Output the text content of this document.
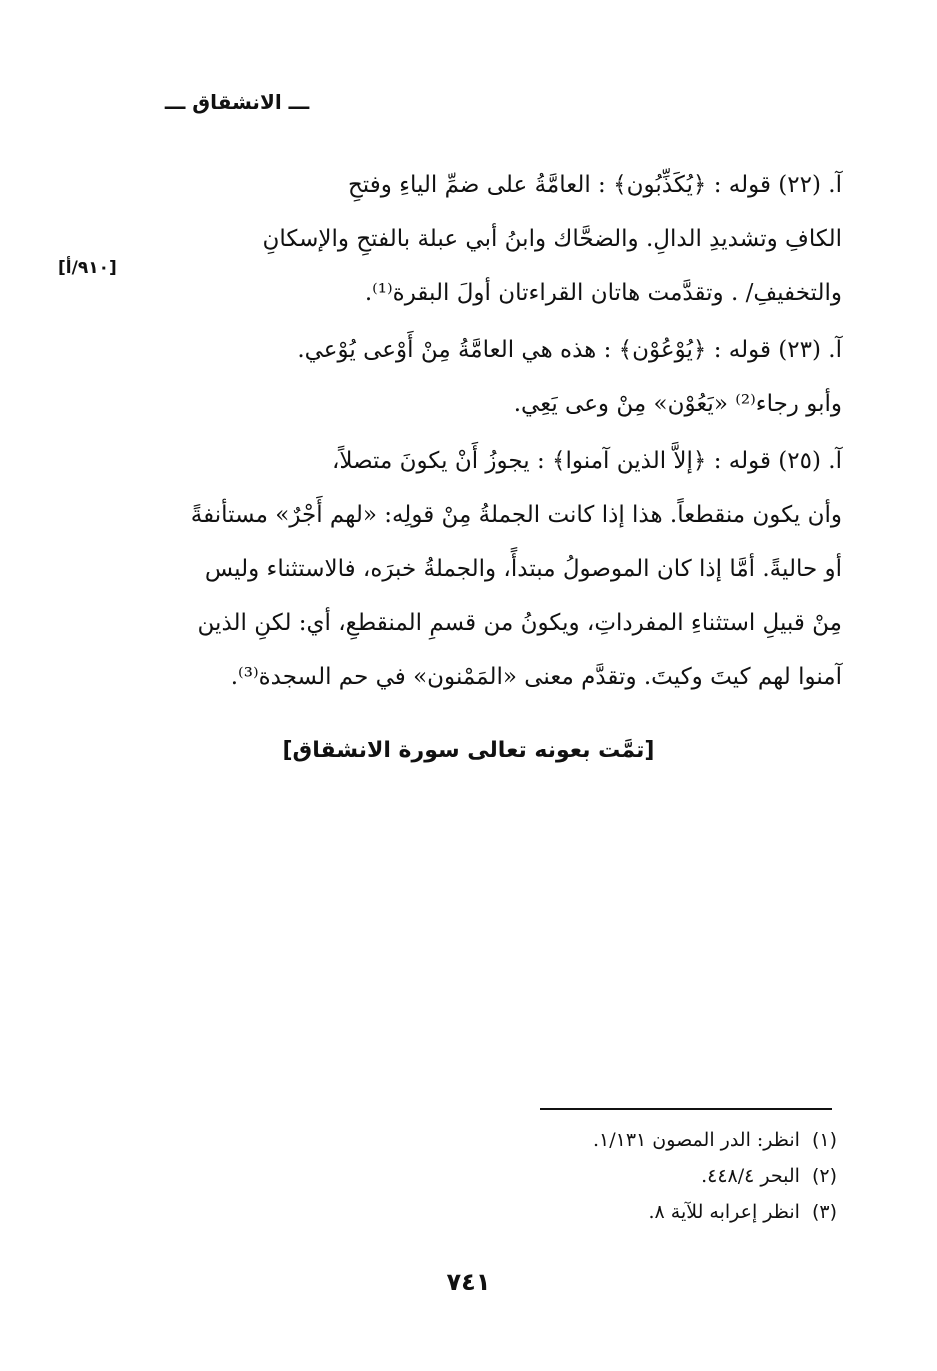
ـــ الانشقاق ـــ
[٩١٠/أ]
آ. (٢٢) قوله : ﴿يُكَذِّبُون﴾ : العامَّةُ على ضمِّ الياءِ وفتحِ
الكافِ وتشديدِ الدالِ. والضحَّاك وابنُ أبي عبلة بالفتحِ والإسكانِ
والتخفيفِ/ . وتقدَّمت هاتان القراءتان أولَ البقرة⁽¹⁾.
آ. (٢٣) قوله : ﴿يُوْعُوْن﴾ : هذه هي العامَّةُ مِنْ أَوْعى يُوْعي.
وأبو رجاء⁽²⁾ «يَعُوْن» مِنْ وعى يَعِي.
آ. (٢٥) قوله : ﴿إلاَّ الذين آمنوا﴾ : يجوزُ أَنْ يكونَ متصلاً،
وأن يكون منقطعاً. هذا إذا كانت الجملةُ مِنْ قولِه: «لهم أَجْرٌ» مستأنفةً
أو حاليةً. أمَّا إذا كان الموصولُ مبتدأً، والجملةُ خبرَه، فالاستثناء وليس
مِنْ قبيلِ استثناءِ المفرداتِ، ويكونُ من قسمِ المنقطعِ، أي: لكنِ الذين
آمنوا لهم كيتَ وكيتَ. وتقدَّم معنى «المَمْنون» في حم السجدة⁽³⁾.
[تمَّت بعونه تعالى سورة الانشقاق]
(١)انظر: الدر المصون ١/١٣١.
(٢)البحر ٤٤٨/٤.
(٣)انظر إعرابه للآية ٨.
٧٤١
